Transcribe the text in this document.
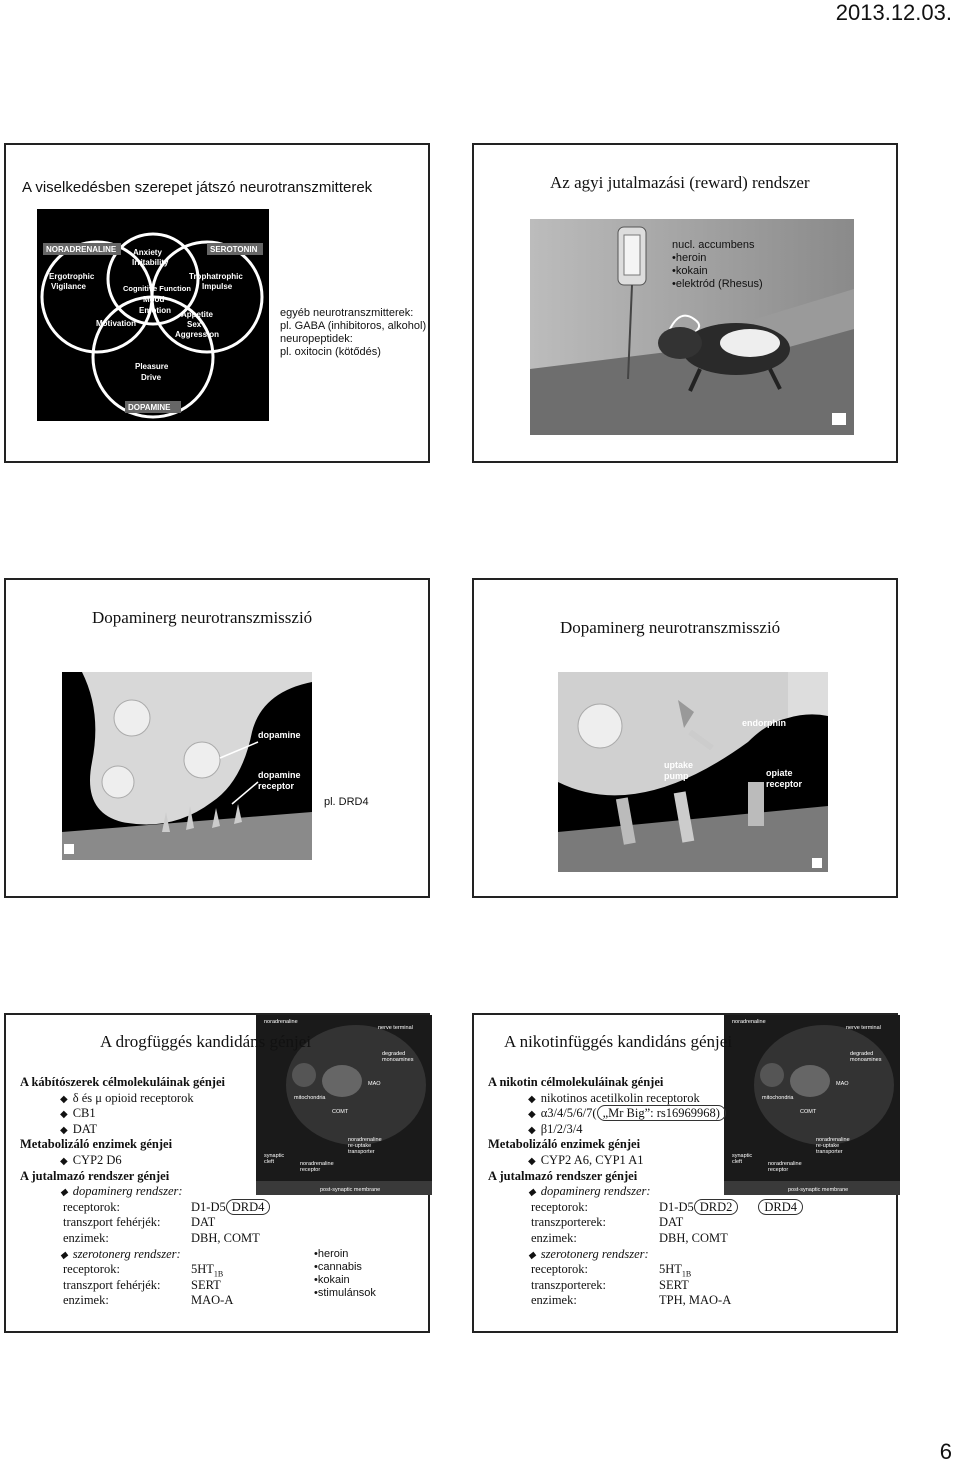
2013.12.03.
A viselkedésben szerepet játszó neurotranszmitterek
NORADRENALINE	SEROTONIN
DOPAMINE
Anxiety
Irritability
Ergotrophic
Vigilance
Trophatrophic
Impulse
Cognitive Function
Mood
Emotion
Motivation
Appetite
Sex
Aggression
Pleasure
Drive
egyéb neurotranszmitterek:
pl. GABA (inhibitoros, alkohol)
neuropeptidek:
pl. oxitocin (kötődés)
Az agyi jutalmazási (reward) rendszer
nucl. accumbens
•heroin
•kokain
•elektród (Rhesus)
Dopaminerg neurotranszmisszió
dopamine
dopamine
receptor
pl. DRD4
Dopaminerg neurotranszmisszió
endorphin
uptake
pump	opiate
receptor
noradrenaline
nerve terminal
degraded
monoamines
mitochondria
MAO
COMT
synaptic
cleft
noradrenaline
re-uptake
transporter
noradrenaline
receptor
post-synaptic membrane
A drogfüggés kandidáns génjei
A kábítószerek célmolekuláinak génjei
◆ δ és μ opioid receptorok
◆ CB1
◆ DAT
Metabolizáló enzimek génjei
◆ CYP2 D6
A jutalmazó rendszer génjei
◆ dopaminerg rendszer:
receptorok:	D1-D5 DRD4
transzport fehérjék: DAT
enzimek:	DBH, COMT
◆ szerotonerg rendszer:
receptorok:	$5HT_{1B}$
transzport fehérjék: SERT
enzimek:	MAO-A
•heroin
•cannabis
•kokain
•stimulánsok
noradrenaline
nerve terminal
degraded
monoamines
mitochondria
MAO
COMT
synaptic
cleft
noradrenaline
re-uptake
transporter
noradrenaline
receptor
post-synaptic membrane
A nikotinfüggés kandidáns génjei
A nikotin célmolekuláinak génjei
◆ nikotinos acetilkolin receptorok
◆ α3/4/5/6/7( „Mr Big”: rs16969968)
◆ β1/2/3/4
Metabolizáló enzimek génjei
◆ CYP2 A6, CYP1 A1
A jutalmazó rendszer génjei
◆ dopaminerg rendszer:
receptorok:	D1-D5 DRD2	DRD4
transzporterek:	DAT
enzimek:	DBH, COMT
◆ szerotonerg rendszer:
receptorok:	$5HT_{1B}$
transzporterek:	SERT
enzimek:	TPH, MAO-A
6
